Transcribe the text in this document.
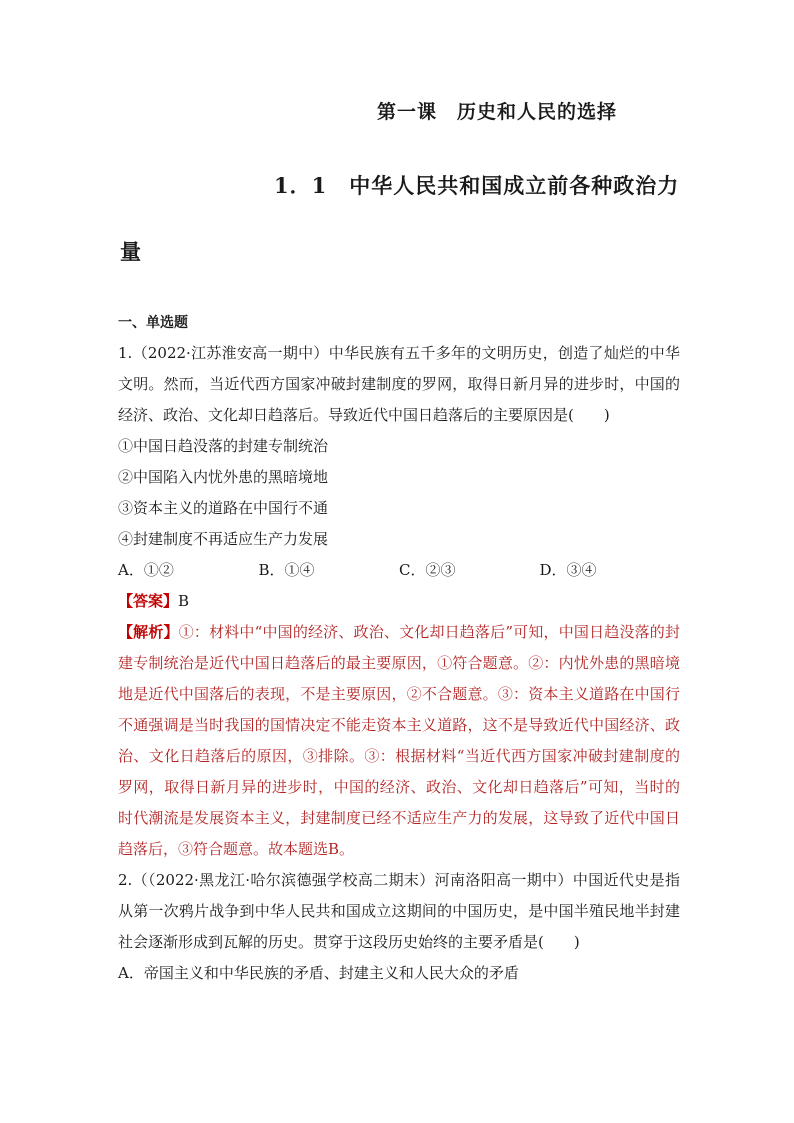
第一课　历史和人民的选择
1．1　中华人民共和国成立前各种政治力
量
一、单选题
1.（2022·江苏淮安高一期中）中华民族有五千多年的文明历史，创造了灿烂的中华文明。然而，当近代西方国家冲破封建制度的罗网，取得日新月异的进步时，中国的经济、政治、文化却日趋落后。导致近代中国日趋落后的主要原因是(　　)
①中国日趋没落的封建专制统治
②中国陷入内忧外患的黑暗境地
③资本主义的道路在中国行不通
④封建制度不再适应生产力发展
A．①②	B．①④	C．②③	D．③④
【答案】B
【解析】①：材料中“中国的经济、政治、文化却日趋落后”可知，中国日趋没落的封建专制统治是近代中国日趋落后的最主要原因，①符合题意。②：内忧外患的黑暗境地是近代中国落后的表现，不是主要原因，②不合题意。③：资本主义道路在中国行不通强调是当时我国的国情决定不能走资本主义道路，这不是导致近代中国经济、政治、文化日趋落后的原因，③排除。③：根据材料“当近代西方国家冲破封建制度的罗网，取得日新月异的进步时，中国的经济、政治、文化却日趋落后”可知，当时的时代潮流是发展资本主义，封建制度已经不适应生产力的发展，这导致了近代中国日趋落后，③符合题意。故本题选B。
2.（（2022·黑龙江·哈尔滨德强学校高二期末）河南洛阳高一期中）中国近代史是指从第一次鸦片战争到中华人民共和国成立这期间的中国历史，是中国半殖民地半封建社会逐渐形成到瓦解的历史。贯穿于这段历史始终的主要矛盾是(　　)
A．帝国主义和中华民族的矛盾、封建主义和人民大众的矛盾
